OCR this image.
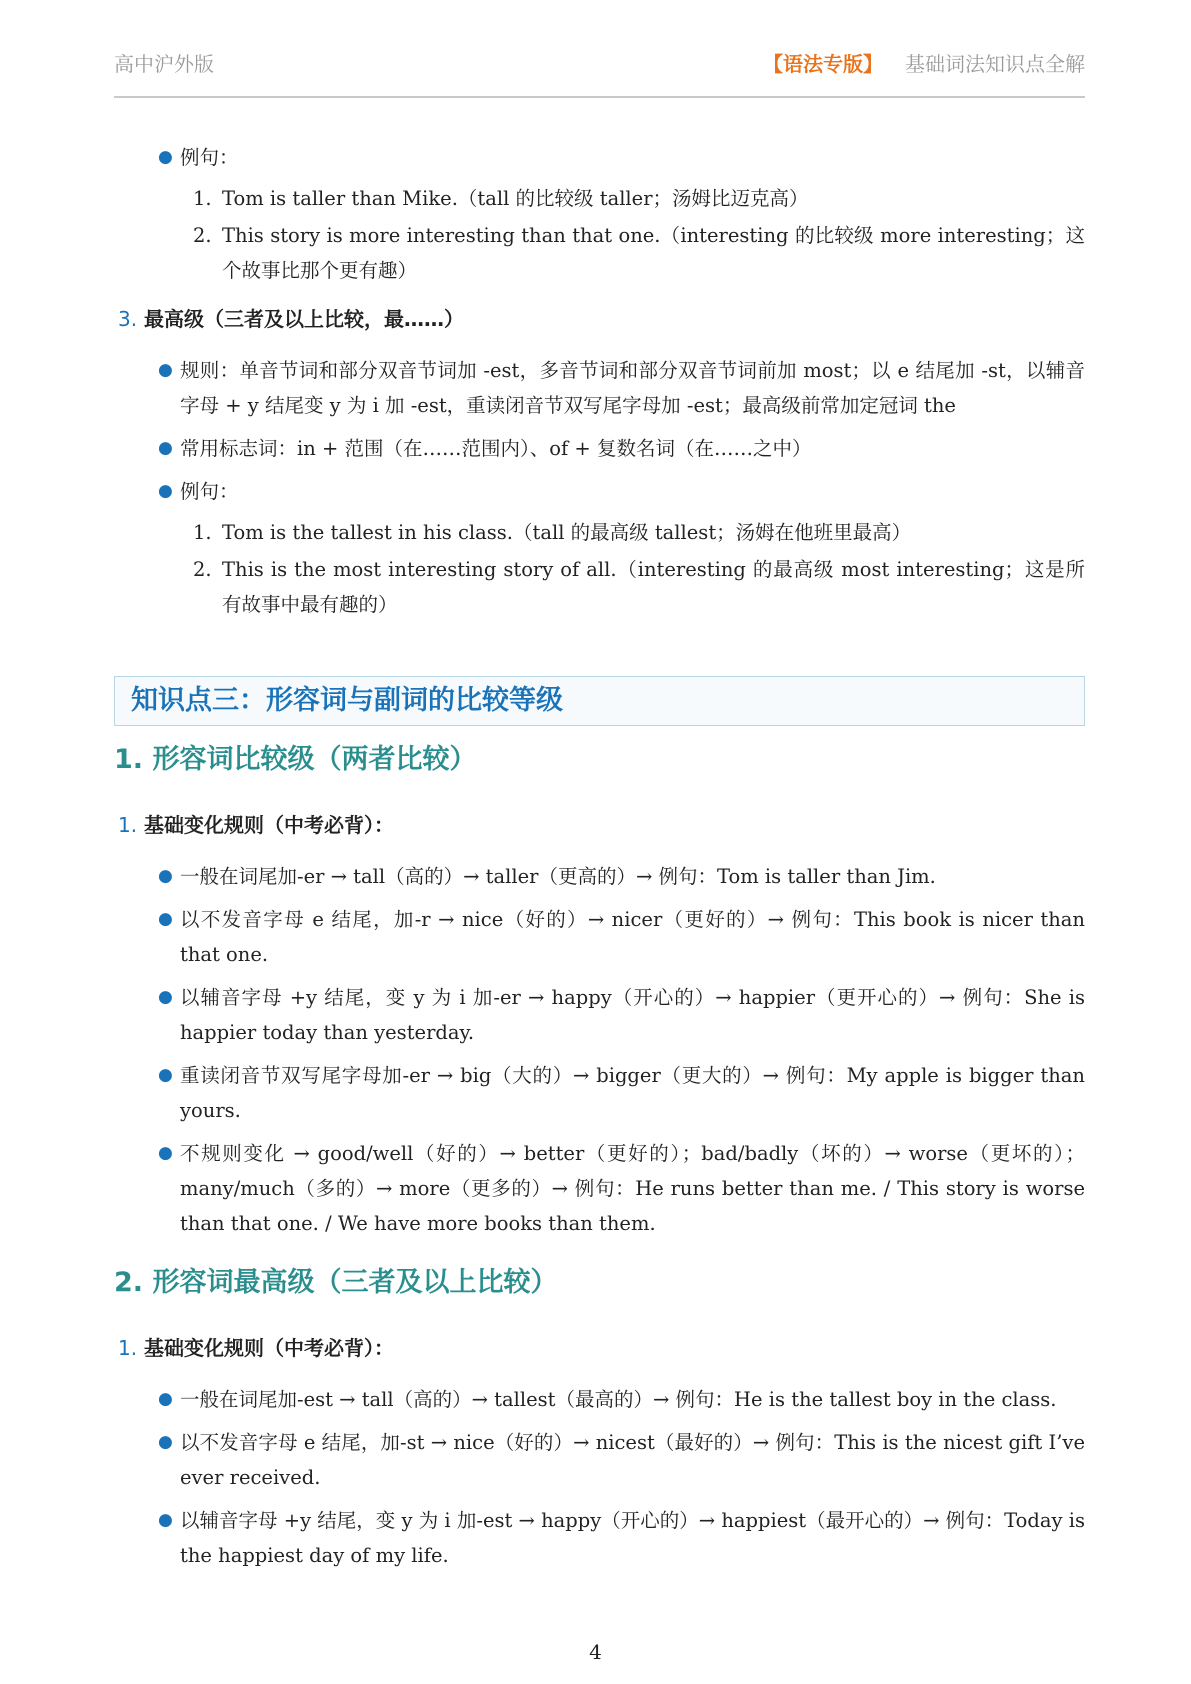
高中沪外版	【语法专版】 基础词法知识点全解
● 例句：
1. Tom is taller than Mike.（tall 的比较级 taller；汤姆比迈克高）
2. This story is more interesting than that one.（interesting 的比较级 more interesting；这个故事比那个更有趣）
3. 最高级（三者及以上比较，最……）
● 规则：单音节词和部分双音节词加 -est，多音节词和部分双音节词前加 most；以 e 结尾加 -st，以辅音字母 + y 结尾变 y 为 i 加 -est，重读闭音节双写尾字母加 -est；最高级前常加定冠词 the
● 常用标志词：in + 范围（在……范围内）、of + 复数名词（在……之中）
● 例句：
1. Tom is the tallest in his class.（tall 的最高级 tallest；汤姆在他班里最高）
2. This is the most interesting story of all.（interesting 的最高级 most interesting；这是所有故事中最有趣的）
知识点三：形容词与副词的比较等级
1. 形容词比较级（两者比较）
1. 基础变化规则（中考必背）：
● 一般在词尾加-er → tall（高的）→ taller（更高的）→ 例句：Tom is taller than Jim.
● 以不发音字母 e 结尾，加-r → nice（好的）→ nicer（更好的）→ 例句：This book is nicer than that one.
● 以辅音字母 +y 结尾，变 y 为 i 加-er → happy（开心的）→ happier（更开心的）→ 例句：She is happier today than yesterday.
● 重读闭音节双写尾字母加-er → big（大的）→ bigger（更大的）→ 例句：My apple is bigger than yours.
● 不规则变化 → good/well（好的）→ better（更好的）；bad/badly（坏的）→ worse（更坏的）；many/much（多的）→ more（更多的）→ 例句：He runs better than me. / This story is worse than that one. / We have more books than them.
2. 形容词最高级（三者及以上比较）
1. 基础变化规则（中考必背）：
● 一般在词尾加-est → tall（高的）→ tallest（最高的）→ 例句：He is the tallest boy in the class.
● 以不发音字母 e 结尾，加-st → nice（好的）→ nicest（最好的）→ 例句：This is the nicest gift I’ve ever received.
● 以辅音字母 +y 结尾，变 y 为 i 加-est → happy（开心的）→ happiest（最开心的）→ 例句：Today is the happiest day of my life.
4
